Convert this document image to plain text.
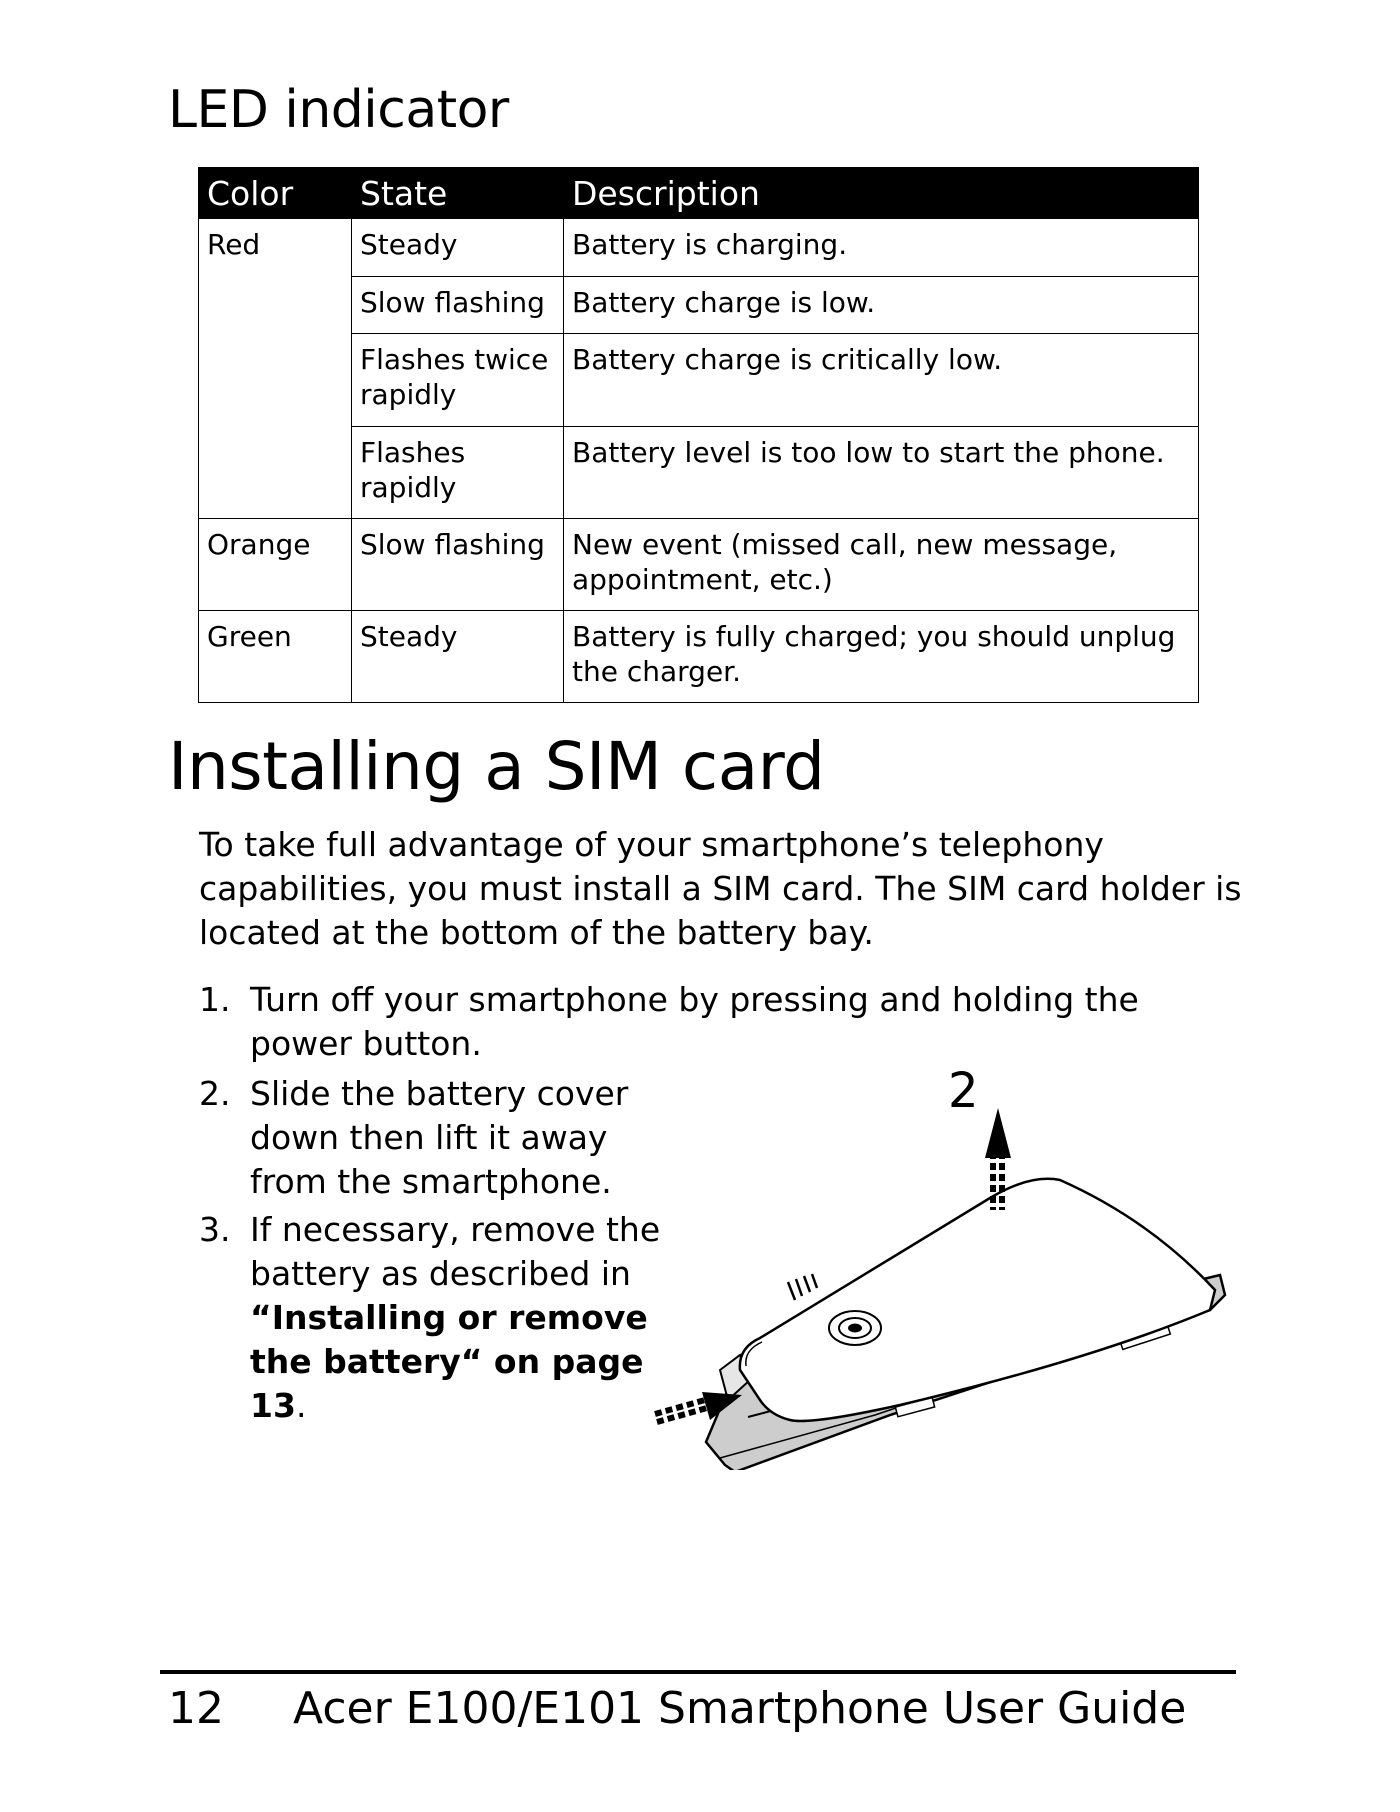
LED indicator
Color	State	Description
Red	Steady	Battery is charging.
	Slow flashing	Battery charge is low.
	Flashes twice rapidly	Battery charge is critically low.
	Flashes rapidly	Battery level is too low to start the phone.
Orange	Slow flashing	New event (missed call, new message, appointment, etc.)
Green	Steady	Battery is fully charged; you should unplug the charger.
Installing a SIM card

To take full advantage of your smartphone’s telephony capabilities, you must install a SIM card. The SIM card holder is located at the bottom of the battery bay.

1. Turn off your smartphone by pressing and holding the
power button.
2. Slide the battery cover
down then lift it away
from the smartphone.
3. If necessary, remove the
battery as described in
“Installing or remove
the battery“ on page
13.
2
12 Acer E100/E101 Smartphone User Guide
